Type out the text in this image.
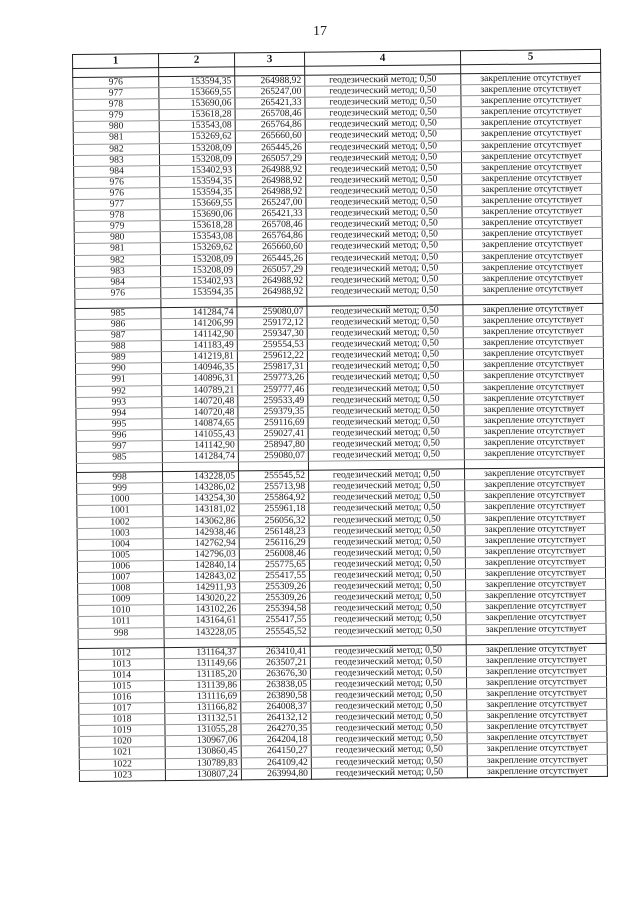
17
1	2	3	4	5

976	153594,35	264988,92	геодезический метод; 0,50	закрепление отсутствует
977	153669,55	265247,00	геодезический метод; 0,50	закрепление отсутствует
978	153690,06	265421,33	геодезический метод; 0,50	закрепление отсутствует
979	153618,28	265708,46	геодезический метод; 0,50	закрепление отсутствует
980	153543,08	265764,86	геодезический метод; 0,50	закрепление отсутствует
981	153269,62	265660,60	геодезический метод; 0,50	закрепление отсутствует
982	153208,09	265445,26	геодезический метод; 0,50	закрепление отсутствует
983	153208,09	265057,29	геодезический метод; 0,50	закрепление отсутствует
984	153402,93	264988,92	геодезический метод; 0,50	закрепление отсутствует
976	153594,35	264988,92	геодезический метод; 0,50	закрепление отсутствует
976	153594,35	264988,92	геодезический метод; 0,50	закрепление отсутствует
977	153669,55	265247,00	геодезический метод; 0,50	закрепление отсутствует
978	153690,06	265421,33	геодезический метод; 0,50	закрепление отсутствует
979	153618,28	265708,46	геодезический метод; 0,50	закрепление отсутствует
980	153543,08	265764,86	геодезический метод; 0,50	закрепление отсутствует
981	153269,62	265660,60	геодезический метод; 0,50	закрепление отсутствует
982	153208,09	265445,26	геодезический метод; 0,50	закрепление отсутствует
983	153208,09	265057,29	геодезический метод; 0,50	закрепление отсутствует
984	153402,93	264988,92	геодезический метод; 0,50	закрепление отсутствует
976	153594,35	264988,92	геодезический метод; 0,50	закрепление отсутствует

985	141284,74	259080,07	геодезический метод; 0,50	закрепление отсутствует
986	141206,99	259172,12	геодезический метод; 0,50	закрепление отсутствует
987	141142,90	259347,30	геодезический метод; 0,50	закрепление отсутствует
988	141183,49	259554,53	геодезический метод; 0,50	закрепление отсутствует
989	141219,81	259612,22	геодезический метод; 0,50	закрепление отсутствует
990	140946,35	259817,31	геодезический метод; 0,50	закрепление отсутствует
991	140896,31	259773,26	геодезический метод; 0,50	закрепление отсутствует
992	140789,21	259777,46	геодезический метод; 0,50	закрепление отсутствует
993	140720,48	259533,49	геодезический метод; 0,50	закрепление отсутствует
994	140720,48	259379,35	геодезический метод; 0,50	закрепление отсутствует
995	140874,65	259116,69	геодезический метод; 0,50	закрепление отсутствует
996	141055,43	259027,41	геодезический метод; 0,50	закрепление отсутствует
997	141142,90	258947,80	геодезический метод; 0,50	закрепление отсутствует
985	141284,74	259080,07	геодезический метод; 0,50	закрепление отсутствует

998	143228,05	255545,52	геодезический метод; 0,50	закрепление отсутствует
999	143286,02	255713,98	геодезический метод; 0,50	закрепление отсутствует
1000	143254,30	255864,92	геодезический метод; 0,50	закрепление отсутствует
1001	143181,02	255961,18	геодезический метод; 0,50	закрепление отсутствует
1002	143062,86	256056,32	геодезический метод; 0,50	закрепление отсутствует
1003	142938,46	256148,23	геодезический метод; 0,50	закрепление отсутствует
1004	142762,94	256116,29	геодезический метод; 0,50	закрепление отсутствует
1005	142796,03	256008,46	геодезический метод; 0,50	закрепление отсутствует
1006	142840,14	255775,65	геодезический метод; 0,50	закрепление отсутствует
1007	142843,02	255417,55	геодезический метод; 0,50	закрепление отсутствует
1008	142911,93	255309,26	геодезический метод; 0,50	закрепление отсутствует
1009	143020,22	255309,26	геодезический метод; 0,50	закрепление отсутствует
1010	143102,26	255394,58	геодезический метод; 0,50	закрепление отсутствует
1011	143164,61	255417,55	геодезический метод; 0,50	закрепление отсутствует
998	143228,05	255545,52	геодезический метод; 0,50	закрепление отсутствует

1012	131164,37	263410,41	геодезический метод; 0,50	закрепление отсутствует
1013	131149,66	263507,21	геодезический метод; 0,50	закрепление отсутствует
1014	131185,20	263676,30	геодезический метод; 0,50	закрепление отсутствует
1015	131139,86	263838,05	геодезический метод; 0,50	закрепление отсутствует
1016	131116,69	263890,58	геодезический метод; 0,50	закрепление отсутствует
1017	131166,82	264008,37	геодезический метод; 0,50	закрепление отсутствует
1018	131132,51	264132,12	геодезический метод; 0,50	закрепление отсутствует
1019	131055,28	264270,35	геодезический метод; 0,50	закрепление отсутствует
1020	130967,06	264204,18	геодезический метод; 0,50	закрепление отсутствует
1021	130860,45	264150,27	геодезический метод; 0,50	закрепление отсутствует
1022	130789,83	264109,42	геодезический метод; 0,50	закрепление отсутствует
1023	130807,24	263994,80	геодезический метод; 0,50	закрепление отсутствует
